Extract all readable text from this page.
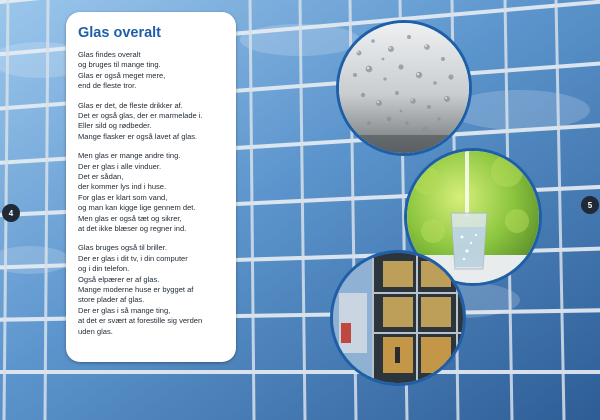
4
5
Glas overalt

Glas findes overalt
og bruges til mange ting.
Glas er også meget mere,
end de fleste tror.

Glas er det, de fleste drikker af.
Det er også glas, der er marmelade i.
Eller sild og rødbeder.
Mange flasker er også lavet af glas.

Men glas er mange andre ting.
Der er glas i alle vinduer.
Det er sådan,
der kommer lys ind i huse.
For glas er klart som vand,
og man kan kigge lige gennem det.
Men glas er også tæt og sikrer,
at det ikke blæser og regner ind.

Glas bruges også til briller.
Der er glas i dit tv, i din computer
og i din telefon.
Også elpærer er af glas.
Mange moderne huse er bygget af
store plader af glas.
Der er glas i så mange ting,
at det er svært at forestille sig verden
uden glas.
